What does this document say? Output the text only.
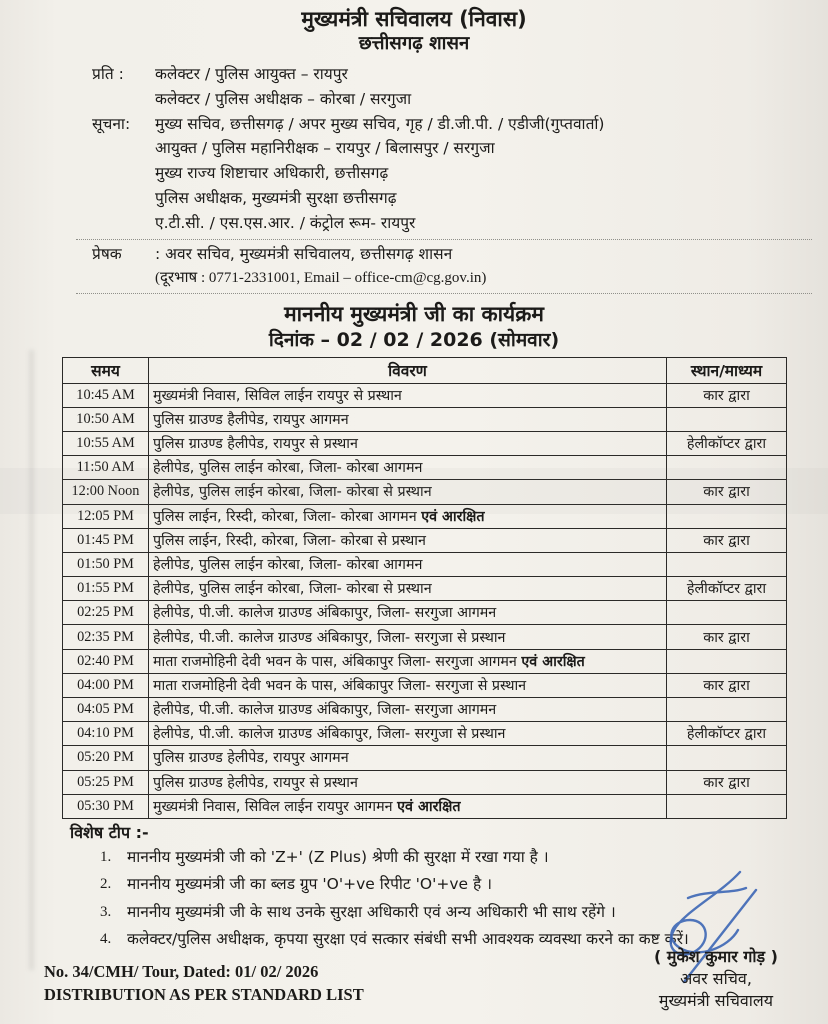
मुख्यमंत्री सचिवालय (निवास)
छत्तीसगढ़ शासन
प्रति :	कलेक्टर / पुलिस आयुक्त – रायपुर
कलेक्टर / पुलिस अधीक्षक – कोरबा / सरगुजा
सूचना:	मुख्य सचिव, छत्तीसगढ़ / अपर मुख्य सचिव, गृह / डी.जी.पी. / एडीजी(गुप्तवार्ता)
आयुक्त / पुलिस महानिरीक्षक – रायपुर / बिलासपुर / सरगुजा
मुख्य राज्य शिष्टाचार अधिकारी, छत्तीसगढ़
पुलिस अधीक्षक, मुख्यमंत्री सुरक्षा छत्तीसगढ़
ए.टी.सी. / एस.एस.आर. / कंट्रोल रूम- रायपुर
प्रेषक	: अवर सचिव, मुख्यमंत्री सचिवालय, छत्तीसगढ़ शासन
(दूरभाष : 0771-2331001, Email – office-cm@cg.gov.in)
माननीय मुख्यमंत्री जी का कार्यक्रम
दिनांक – 02 / 02 / 2026 (सोमवार)
समय	विवरण	स्थान/माध्यम
10:45 AM	मुख्यमंत्री निवास, सिविल लाईन रायपुर से प्रस्थान	कार द्वारा
10:50 AM	पुलिस ग्राउण्ड हैलीपेड, रायपुर आगमन	
10:55 AM	पुलिस ग्राउण्ड हैलीपेड, रायपुर से प्रस्थान	हेलीकॉप्टर द्वारा
11:50 AM	हेलीपेड, पुलिस लाईन कोरबा, जिला- कोरबा आगमन	
12:00 Noon	हेलीपेड, पुलिस लाईन कोरबा, जिला- कोरबा से प्रस्थान	कार द्वारा
12:05 PM	पुलिस लाईन, रिस्दी, कोरबा, जिला- कोरबा आगमन एवं आरक्षित	
01:45 PM	पुलिस लाईन, रिस्दी, कोरबा, जिला- कोरबा से प्रस्थान	कार द्वारा
01:50 PM	हेलीपेड, पुलिस लाईन कोरबा, जिला- कोरबा आगमन	
01:55 PM	हेलीपेड, पुलिस लाईन कोरबा, जिला- कोरबा से प्रस्थान	हेलीकॉप्टर द्वारा
02:25 PM	हेलीपेड, पी.जी. कालेज ग्राउण्ड अंबिकापुर, जिला- सरगुजा आगमन	
02:35 PM	हेलीपेड, पी.जी. कालेज ग्राउण्ड अंबिकापुर, जिला- सरगुजा से प्रस्थान	कार द्वारा
02:40 PM	माता राजमोहिनी देवी भवन के पास, अंबिकापुर जिला- सरगुजा आगमन एवं आरक्षित	
04:00 PM	माता राजमोहिनी देवी भवन के पास, अंबिकापुर जिला- सरगुजा से प्रस्थान	कार द्वारा
04:05 PM	हेलीपेड, पी.जी. कालेज ग्राउण्ड अंबिकापुर, जिला- सरगुजा आगमन	
04:10 PM	हेलीपेड, पी.जी. कालेज ग्राउण्ड अंबिकापुर, जिला- सरगुजा से प्रस्थान	हेलीकॉप्टर द्वारा
05:20 PM	पुलिस ग्राउण्ड हेलीपेड, रायपुर आगमन	
05:25 PM	पुलिस ग्राउण्ड हेलीपेड, रायपुर से प्रस्थान	कार द्वारा
05:30 PM	मुख्यमंत्री निवास, सिविल लाईन रायपुर आगमन एवं आरक्षित	
विशेष टीप :-
1.	माननीय मुख्यमंत्री जी को 'Z+' (Z Plus) श्रेणी की सुरक्षा में रखा गया है ।
2.	माननीय मुख्यमंत्री जी का ब्लड ग्रुप 'O'+ve रिपीट 'O'+ve है ।
3.	माननीय मुख्यमंत्री जी के साथ उनके सुरक्षा अधिकारी एवं अन्य अधिकारी भी साथ रहेंगे ।
4.	कलेक्टर/पुलिस अधीक्षक, कृपया सुरक्षा एवं सत्कार संबंधी सभी आवश्यक व्यवस्था करने का कष्ट करें।
No. 34/CMH/ Tour, Dated: 01/ 02/ 2026
DISTRIBUTION AS PER STANDARD LIST
( मुकेश कुमार गोड़ )
अवर सचिव,
मुख्यमंत्री सचिवालय
